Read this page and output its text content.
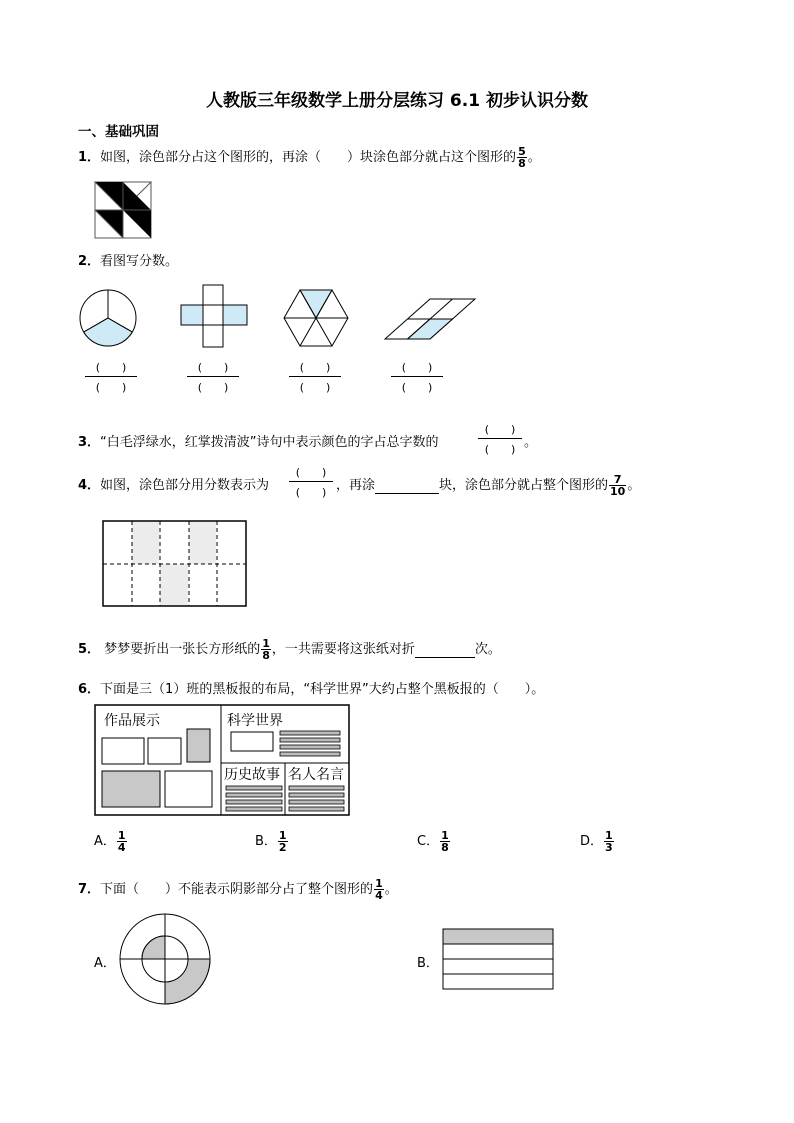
人教版三年级数学上册分层练习 6.1 初步认识分数
一、基础巩固
1．如图，涂色部分占这个图形的，再涂（　　）块涂色部分就占这个图形的 $\frac{5}{8}$ 。
2．看图写分数。
(　　)
(　　)
(　　)
(　　)
(　　)
(　　)
(　　)
(　　)
3．“白毛浮绿水，红掌拨清波”诗句中表示颜色的字占总字数的
(　　)
(　　) 。
4．如图，涂色部分用分数表示为
(　　)
(　　) ，再涂	块，涂色部分就占整个图形的 $\frac{7}{10}$ 。
5． 梦梦要折出一张长方形纸的 $\frac{1}{8}$ ，一共需要将这张纸对折	次。
6．下面是三（1）班的黑板报的布局，“科学世界”大约占整个黑板报的（　　）。
作品展示	科学世界
历史故事 名人名言
A． $\frac{1}{4}$	B． $\frac{1}{2}$	C． $\frac{1}{8}$	D． $\frac{1}{3}$
7．下面（　　）不能表示阴影部分占了整个图形的 $\frac{1}{4}$ 。
A．	B．
